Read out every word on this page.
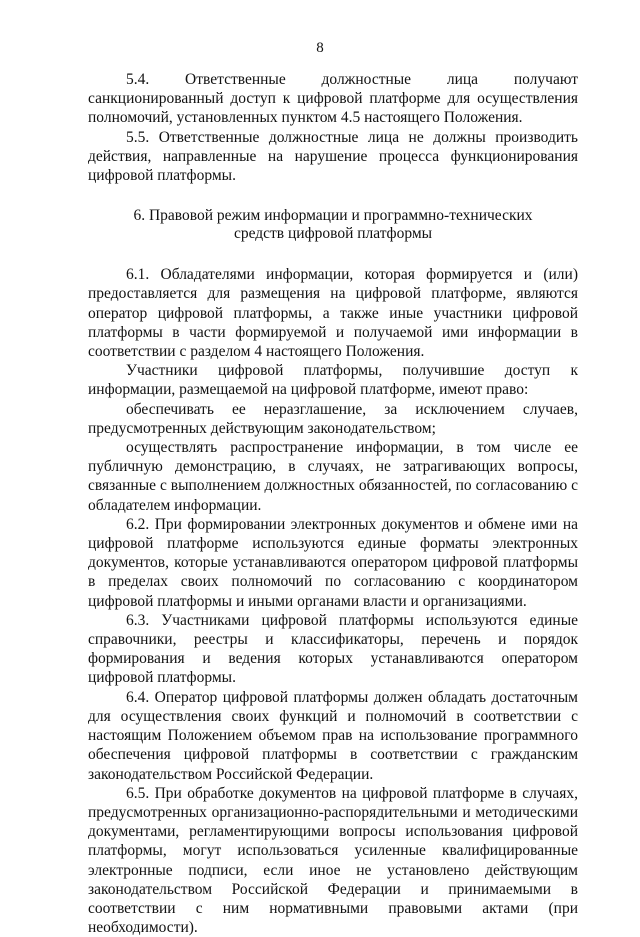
8

5.4. Ответственные должностные лица получают санкционированный доступ к цифровой платформе для осуществления полномочий, установленных пунктом 4.5 настоящего Положения.

5.5. Ответственные должностные лица не должны производить действия, направленные на нарушение процесса функционирования цифровой платформы.

6. Правовой режим информации и программно-технических средств цифровой платформы

6.1. Обладателями информации, которая формируется и (или) предоставляется для размещения на цифровой платформе, являются оператор цифровой платформы, а также иные участники цифровой платформы в части формируемой и получаемой ими информации в соответствии с разделом 4 настоящего Положения.

Участники цифровой платформы, получившие доступ к информации, размещаемой на цифровой платформе, имеют право:

обеспечивать ее неразглашение, за исключением случаев, предусмотренных действующим законодательством;

осуществлять распространение информации, в том числе ее публичную демонстрацию, в случаях, не затрагивающих вопросы, связанные с выполнением должностных обязанностей, по согласованию с обладателем информации.

6.2. При формировании электронных документов и обмене ими на цифровой платформе используются единые форматы электронных документов, которые устанавливаются оператором цифровой платформы в пределах своих полномочий по согласованию с координатором цифровой платформы и иными органами власти и организациями.

6.3. Участниками цифровой платформы используются единые справочники, реестры и классификаторы, перечень и порядок формирования и ведения которых устанавливаются оператором цифровой платформы.

6.4. Оператор цифровой платформы должен обладать достаточным для осуществления своих функций и полномочий в соответствии с настоящим Положением объемом прав на использование программного обеспечения цифровой платформы в соответствии с гражданским законодательством Российской Федерации.

6.5. При обработке документов на цифровой платформе в случаях, предусмотренных организационно-распорядительными и методическими документами, регламентирующими вопросы использования цифровой платформы, могут использоваться усиленные квалифицированные электронные подписи, если иное не установлено действующим законодательством Российской Федерации и принимаемыми в соответствии с ним нормативными правовыми актами (при необходимости).
